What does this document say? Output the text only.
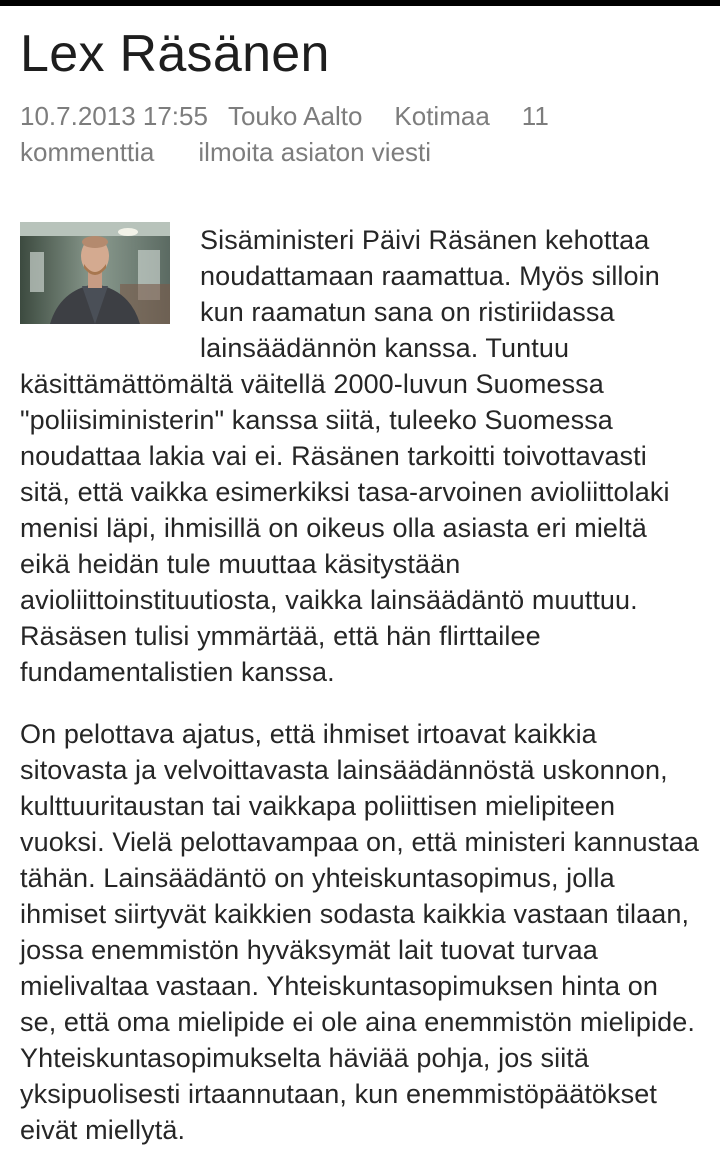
Lex Räsänen
10.7.2013 17:55 Touko Aalto Kotimaa 11 kommenttia ilmoita asiaton viesti

Sisäministeri Päivi Räsänen kehottaa noudattamaan raamattua. Myös silloin kun raamatun sana on ristiriidassa lainsäädännön kanssa. Tuntuu käsittämättömältä väitellä 2000-luvun Suomessa "poliisiministerin" kanssa siitä, tuleeko Suomessa noudattaa lakia vai ei. Räsänen tarkoitti toivottavasti sitä, että vaikka esimerkiksi tasa-arvoinen avioliittolaki menisi läpi, ihmisillä on oikeus olla asiasta eri mieltä eikä heidän tule muuttaa käsitystään avioliittoinstituutiosta, vaikka lainsäädäntö muuttuu. Räsäsen tulisi ymmärtää, että hän flirttailee fundamentalistien kanssa.

On pelottava ajatus, että ihmiset irtoavat kaikkia sitovasta ja velvoittavasta lainsäädännöstä uskonnon, kulttuuritaustan tai vaikkapa poliittisen mielipiteen vuoksi. Vielä pelottavampaa on, että ministeri kannustaa tähän. Lainsäädäntö on yhteiskuntasopimus, jolla ihmiset siirtyvät kaikkien sodasta kaikkia vastaan tilaan, jossa enemmistön hyväksymät lait tuovat turvaa mielivaltaa vastaan. Yhteiskuntasopimuksen hinta on se, että oma mielipide ei ole aina enemmistön mielipide. Yhteiskuntasopimukselta häviää pohja, jos siitä yksipuolisesti irtaannutaan, kun enemmistöpäätökset eivät miellytä.
